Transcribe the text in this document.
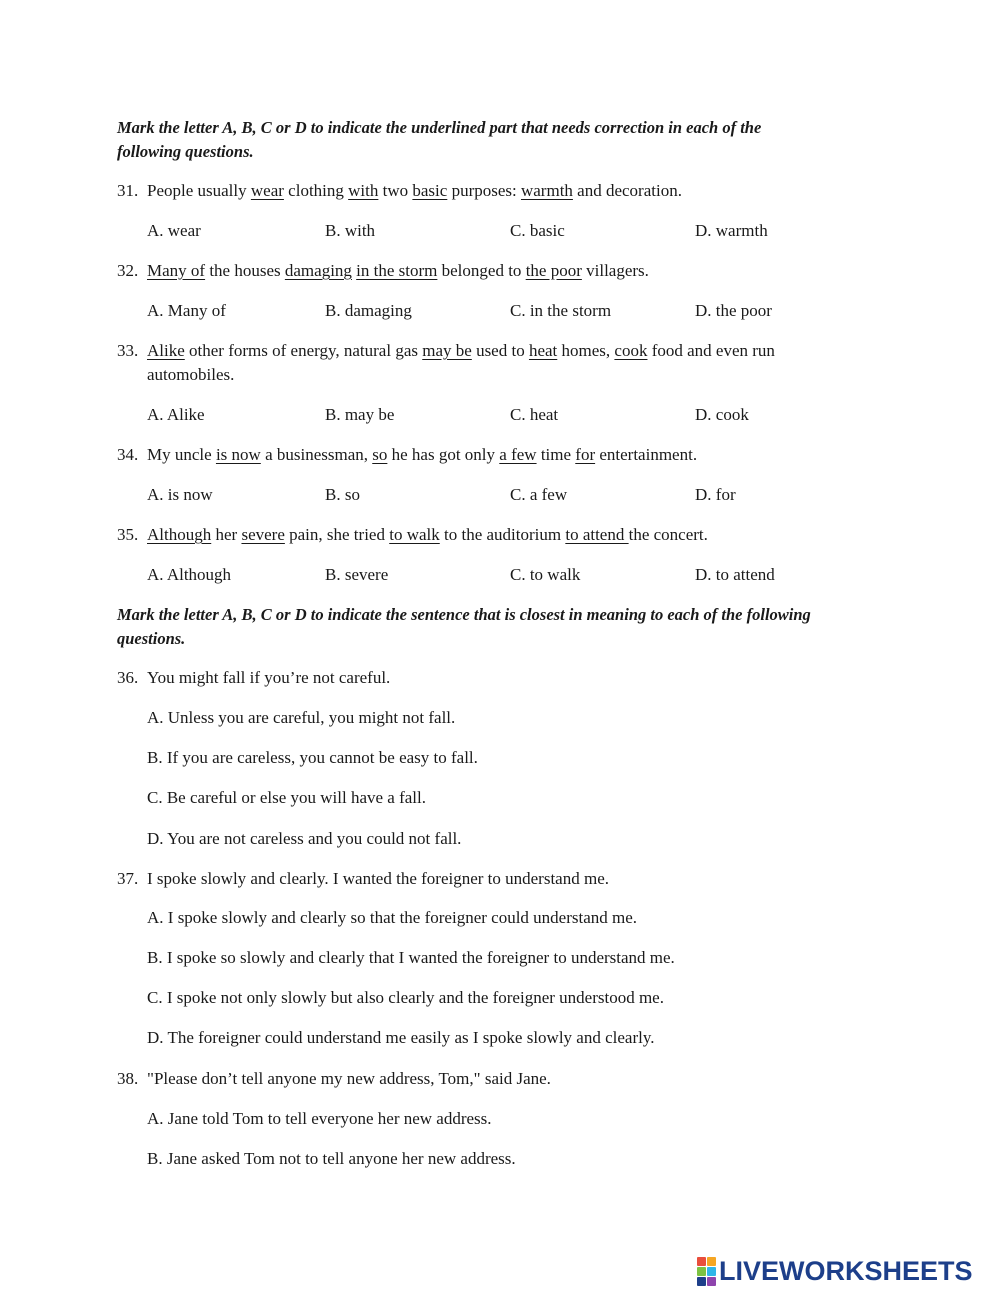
Mark the letter A, B, C or D to indicate the underlined part that needs correction in each of the
following questions.
31. People usually wear clothing with two basic purposes: warmth and decoration.
A. wear	B. with	C. basic	D. warmth
32. Many of the houses damaging in the storm belonged to the poor villagers.
A. Many of	B. damaging	C. in the storm	D. the poor
33. Alike other forms of energy, natural gas may be used to heat homes, cook food and even run
automobiles.
A. Alike	B. may be	C. heat	D. cook
34. My uncle is now a businessman, so he has got only a few time for entertainment.
A. is now	B. so	C. a few	D. for
35. Although her severe pain, she tried to walk to the auditorium to attend the concert.
A. Although	B. severe	C. to walk	D. to attend
Mark the letter A, B, C or D to indicate the sentence that is closest in meaning to each of the following
questions.
36. You might fall if you’re not careful.
A. Unless you are careful, you might not fall.
B. If you are careless, you cannot be easy to fall.
C. Be careful or else you will have a fall.
D. You are not careless and you could not fall.
37. I spoke slowly and clearly. I wanted the foreigner to understand me.
A. I spoke slowly and clearly so that the foreigner could understand me.
B. I spoke so slowly and clearly that I wanted the foreigner to understand me.
C. I spoke not only slowly but also clearly and the foreigner understood me.
D. The foreigner could understand me easily as I spoke slowly and clearly.
38. "Please don’t tell anyone my new address, Tom," said Jane.
A. Jane told Tom to tell everyone her new address.
B. Jane asked Tom not to tell anyone her new address.
LIVEWORKSHEETS
